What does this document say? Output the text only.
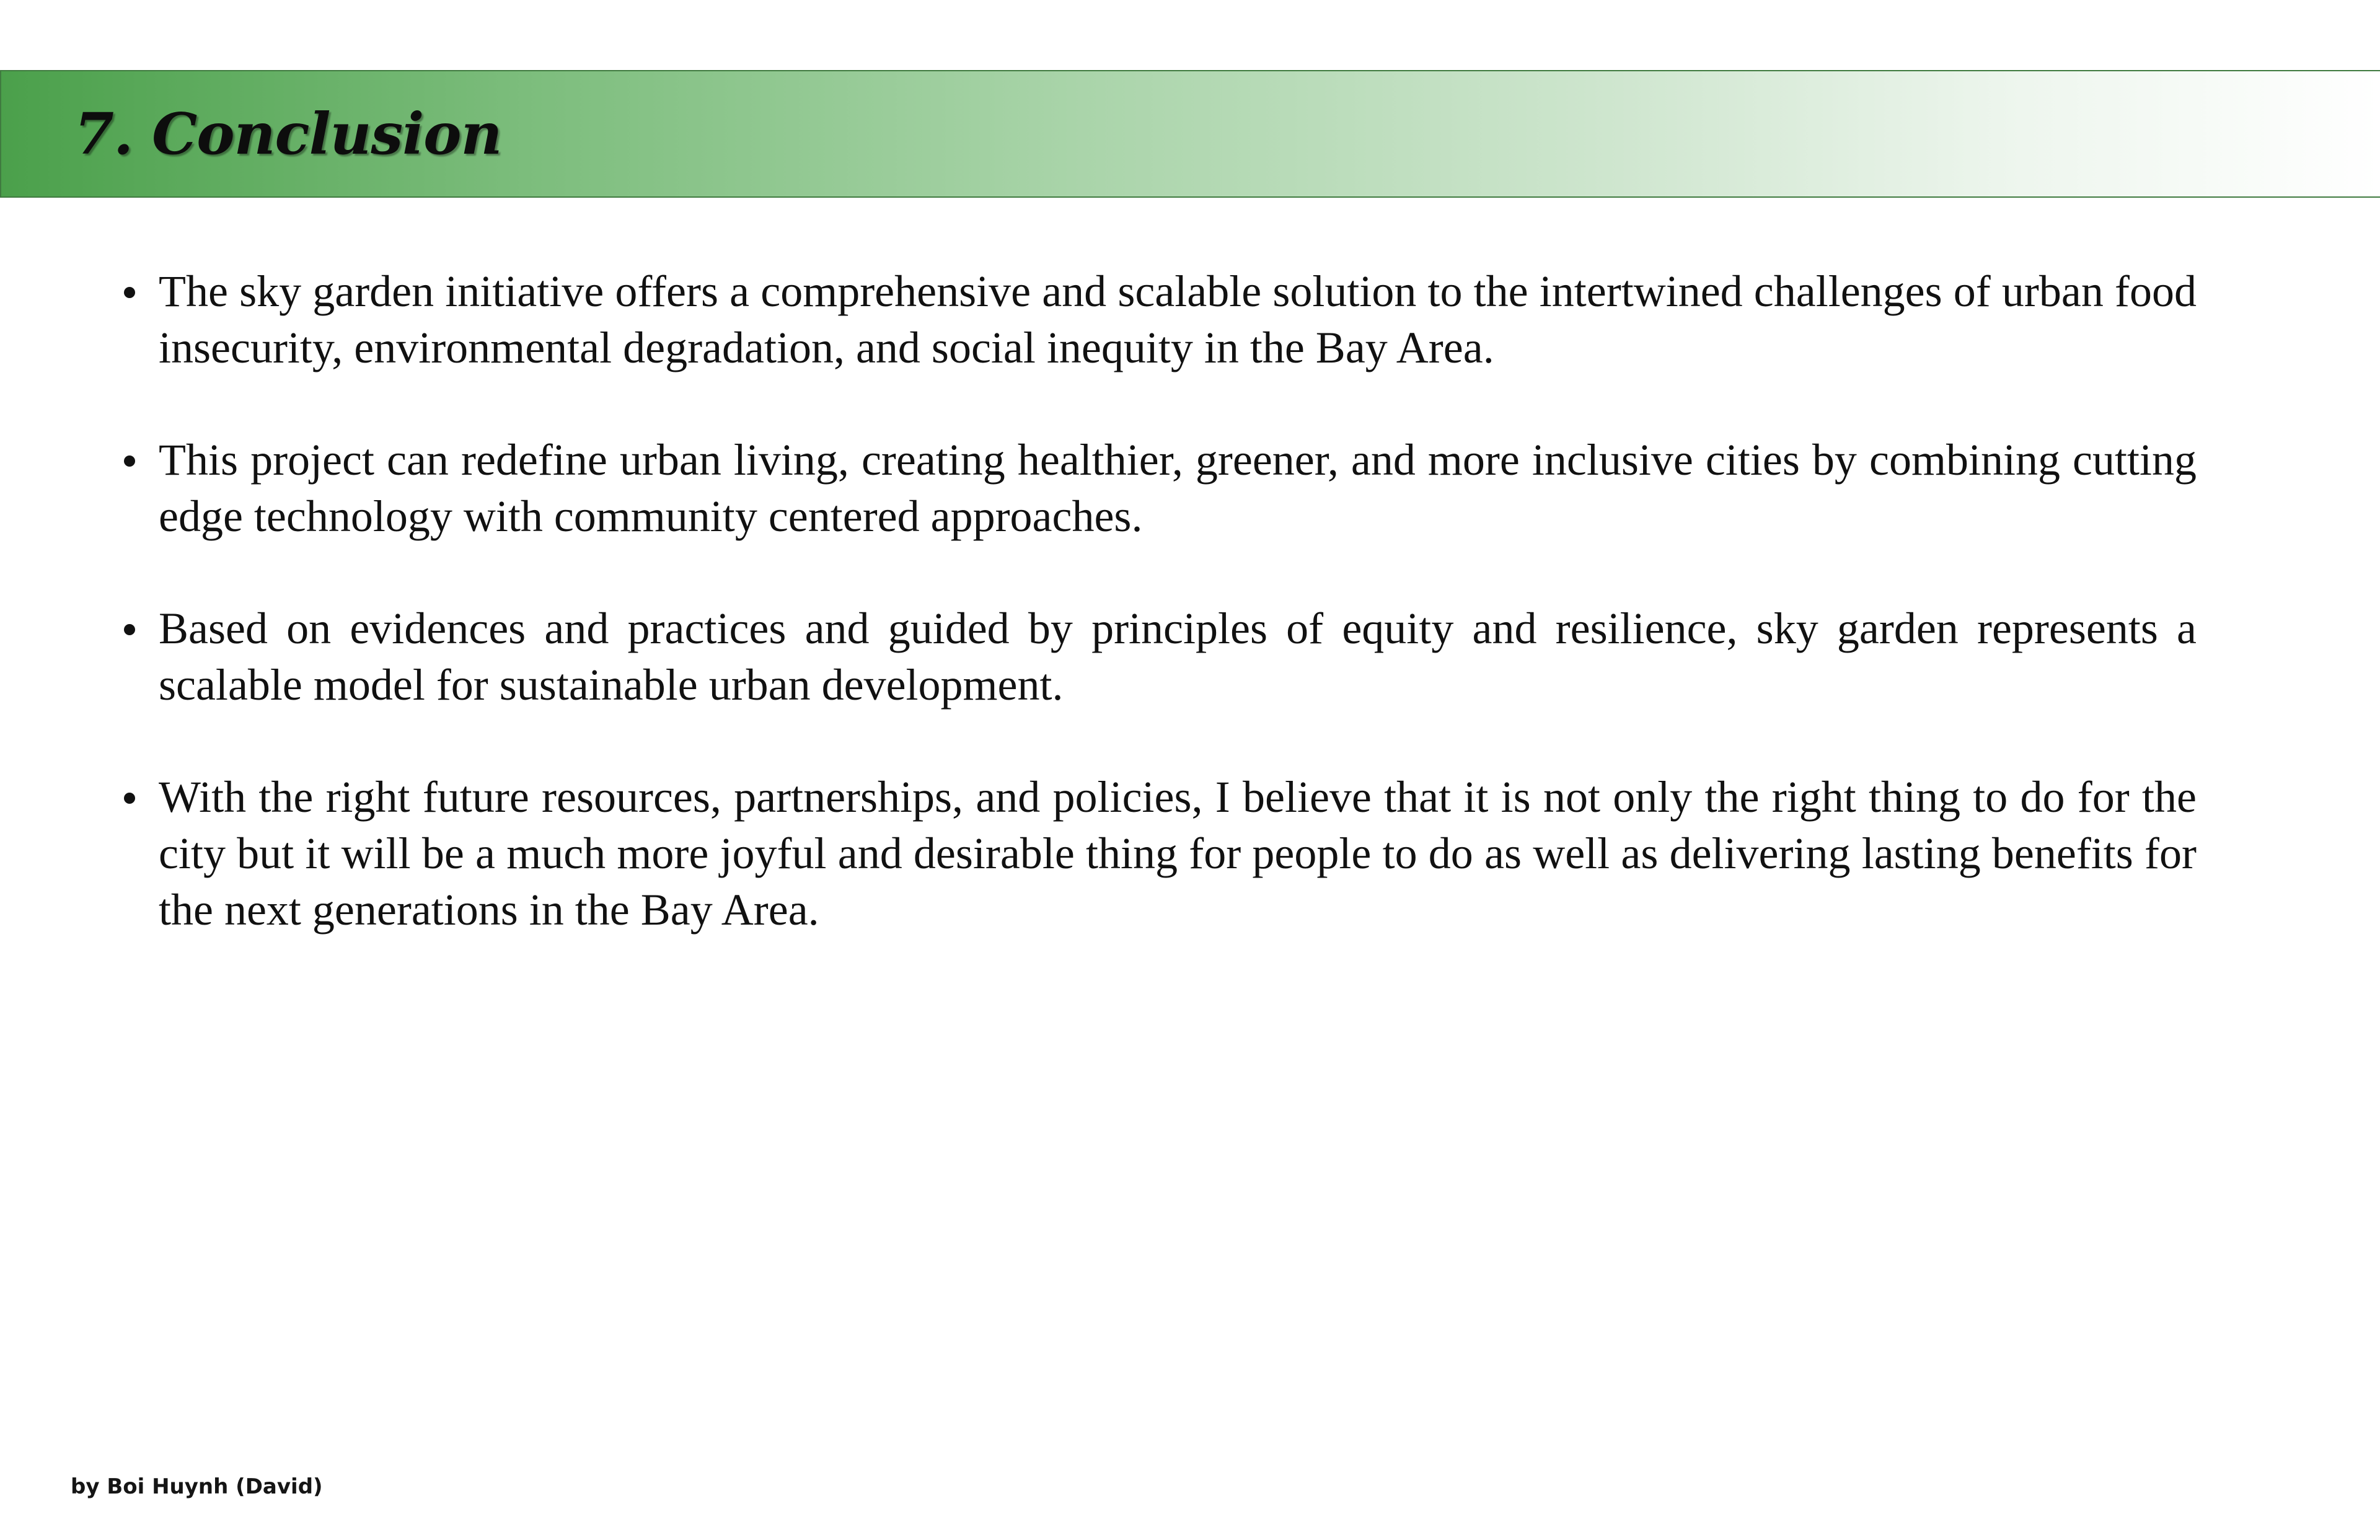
7. Conclusion
The sky garden initiative offers a comprehensive and scalable solution to the intertwined challenges of urban food insecurity, environmental degradation, and social inequity in the Bay Area.
This project can redefine urban living, creating healthier, greener, and more inclusive cities by combining cutting edge technology with community centered approaches.
Based on evidences and practices and guided by principles of equity and resilience, sky garden represents a scalable model for sustainable urban development.
With the right future resources, partnerships, and policies, I believe that it is not only the right thing to do for the city but it will be a much more joyful and desirable thing for people to do as well as delivering lasting benefits for the next generations in the Bay Area.
by Boi Huynh (David)
